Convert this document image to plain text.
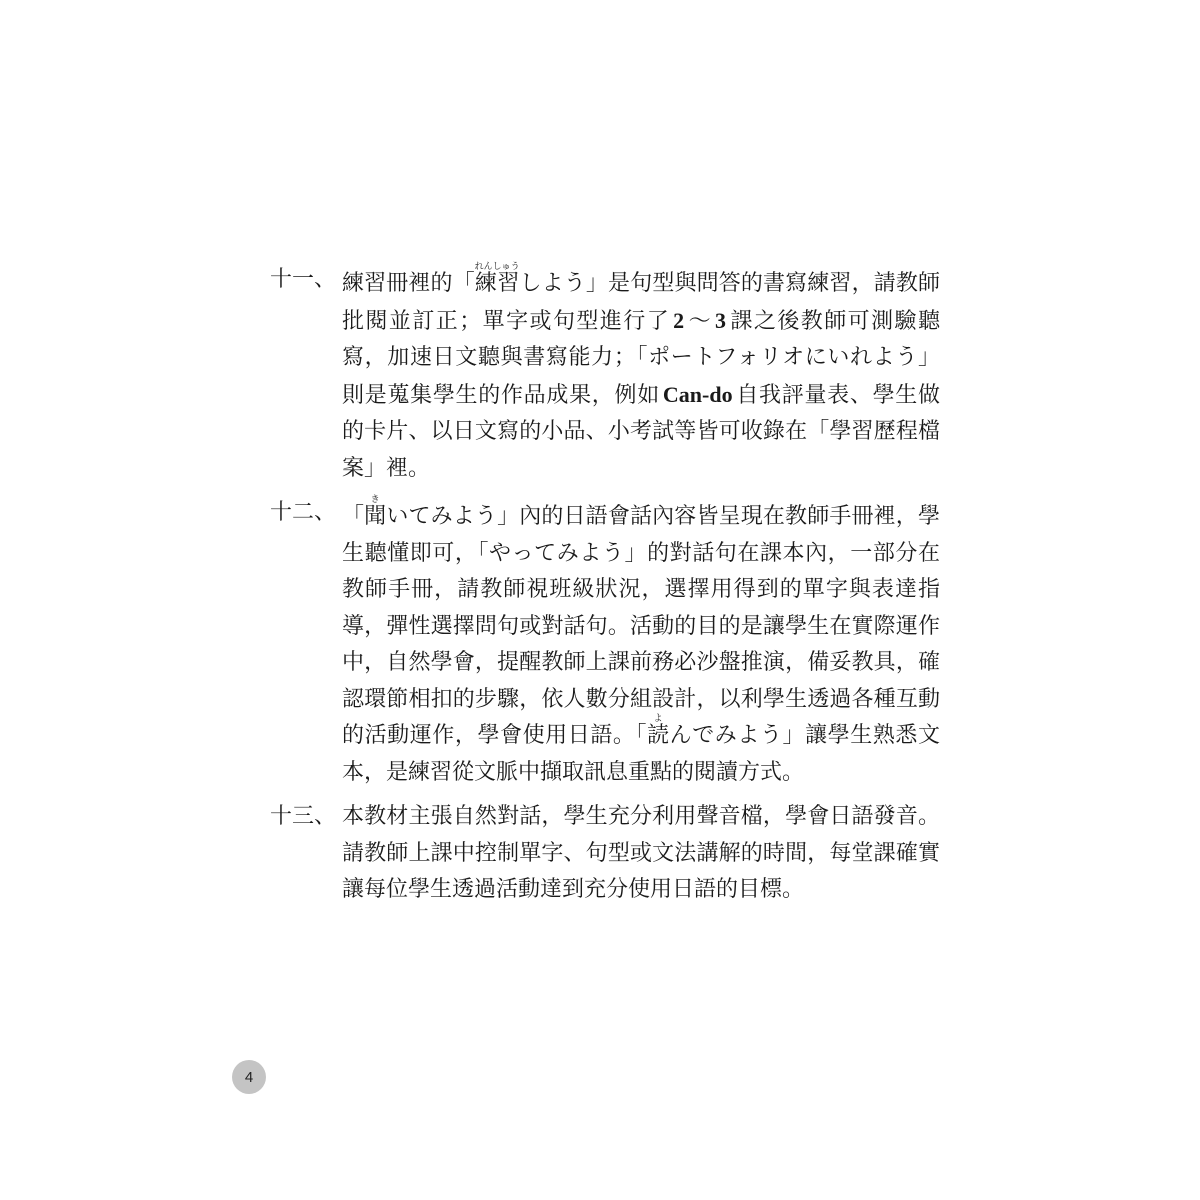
十一、 練習冊裡的「練習れんしゅうしよう」是句型與問答的書寫練習，請教師批閱並訂正；單字或句型進行了 2 ～ 3 課之後教師可測驗聽寫，加速日文聽與書寫能力；「ポートフォリオにいれよう」則是蒐集學生的作品成果，例如 Can-do 自我評量表、學生做的卡片、以日文寫的小品、小考試等皆可收錄在「學習歷程檔案」裡。
十二、 「聞きいてみよう」內的日語會話內容皆呈現在教師手冊裡，學生聽懂即可，「やってみよう」的對話句在課本內，一部分在教師手冊，請教師視班級狀況，選擇用得到的單字與表達指導，彈性選擇問句或對話句。活動的目的是讓學生在實際運作中，自然學會，提醒教師上課前務必沙盤推演，備妥教具，確認環節相扣的步驟，依人數分組設計，以利學生透過各種互動的活動運作，學會使用日語。「読よんでみよう」讓學生熟悉文本，是練習從文脈中擷取訊息重點的閱讀方式。
十三、 本教材主張自然對話，學生充分利用聲音檔，學會日語發音。請教師上課中控制單字、句型或文法講解的時間，每堂課確實讓每位學生透過活動達到充分使用日語的目標。
4
